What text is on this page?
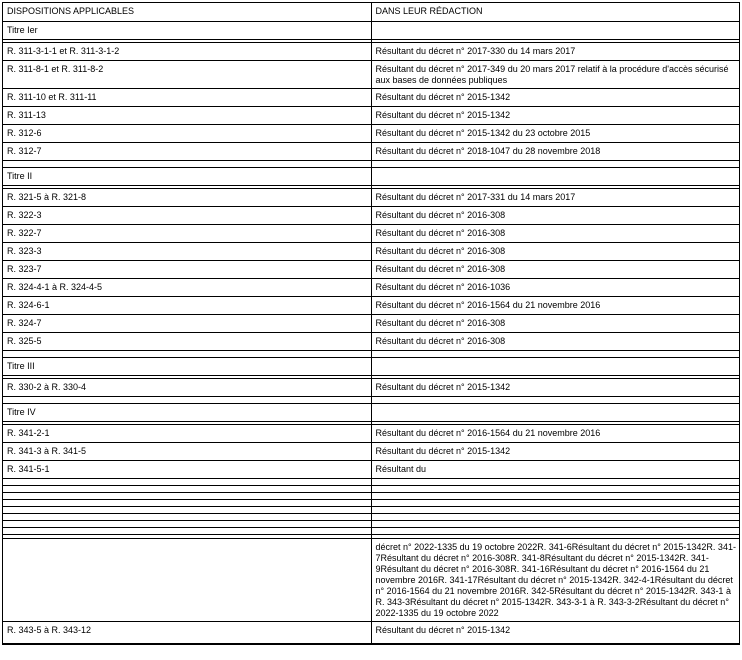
DISPOSITIONS APPLICABLES	DANS LEUR RÉDACTION
Titre Ier	

R. 311-3-1-1 et R. 311-3-1-2	Résultant du décret n° 2017-330 du 14 mars 2017
R. 311-8-1 et R. 311-8-2	Résultant du décret n° 2017-349 du 20 mars 2017 relatif à la procédure d'accès sécurisé aux bases de données publiques
R. 311-10 et R. 311-11	Résultant du décret n° 2015-1342
R. 311-13	Résultant du décret n° 2015-1342
R. 312-6	Résultant du décret n° 2015-1342 du 23 octobre 2015
R. 312-7	Résultant du décret n° 2018-1047 du 28 novembre 2018

Titre II	

R. 321-5 à R. 321-8	Résultant du décret n° 2017-331 du 14 mars 2017
R. 322-3	Résultant du décret n° 2016-308
R. 322-7	Résultant du décret n° 2016-308
R. 323-3	Résultant du décret n° 2016-308
R. 323-7	Résultant du décret n° 2016-308
R. 324-4-1 à R. 324-4-5	Résultant du décret n° 2016-1036
R. 324-6-1	Résultant du décret n° 2016-1564 du 21 novembre 2016
R. 324-7	Résultant du décret n° 2016-308
R. 325-5	Résultant du décret n° 2016-308

Titre III	

R. 330-2 à R. 330-4	Résultant du décret n° 2015-1342

Titre IV	

R. 341-2-1	Résultant du décret n° 2016-1564 du 21 novembre 2016
R. 341-3 à R. 341-5	Résultant du décret n° 2015-1342
R. 341-5-1	Résultant du

	décret n° 2022-1335 du 19 octobre 2022R. 341-6Résultant du décret n° 2015-1342R. 341-7Résultant du décret n° 2016-308R. 341-8Résultant du décret n° 2015-1342R. 341-9Résultant du décret n° 2016-308R. 341-16Résultant du décret n° 2016-1564 du 21 novembre 2016R. 341-17Résultant du décret n° 2015-1342R. 342-4-1Résultant du décret n° 2016-1564 du 21 novembre 2016R. 342-5Résultant du décret n° 2015-1342R. 343-1 à R. 343-3Résultant du décret n° 2015-1342R. 343-3-1 à R. 343-3-2Résultant du décret n° 2022-1335 du 19 octobre 2022
R. 343-5 à R. 343-12	Résultant du décret n° 2015-1342
